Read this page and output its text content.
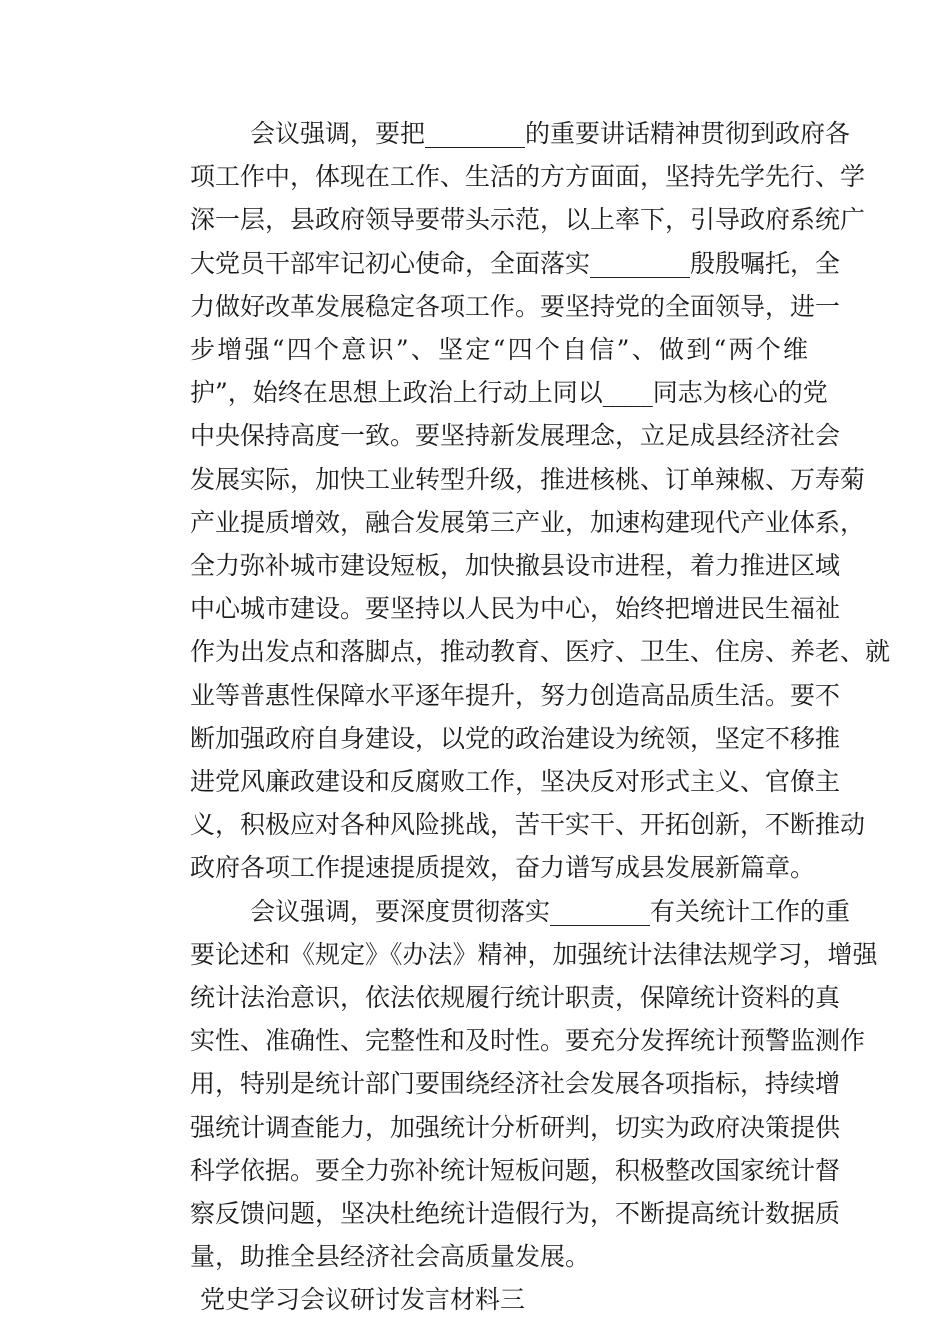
会议强调，要把________的重要讲话精神贯彻到政府各
项工作中，体现在工作、生活的方方面面，坚持先学先行、学
深一层，县政府领导要带头示范，以上率下，引导政府系统广
大党员干部牢记初心使命，全面落实________殷殷嘱托，全
力做好改革发展稳定各项工作。要坚持党的全面领导，进一
步增强“四个意识”、坚定“四个自信”、做到“两个维
护”，始终在思想上政治上行动上同以____同志为核心的党
中央保持高度一致。要坚持新发展理念，立足成县经济社会
发展实际，加快工业转型升级，推进核桃、订单辣椒、万寿菊
产业提质增效，融合发展第三产业，加速构建现代产业体系，
全力弥补城市建设短板，加快撤县设市进程，着力推进区域
中心城市建设。要坚持以人民为中心，始终把增进民生福祉
作为出发点和落脚点，推动教育、医疗、卫生、住房、养老、就
业等普惠性保障水平逐年提升，努力创造高品质生活。要不
断加强政府自身建设，以党的政治建设为统领，坚定不移推
进党风廉政建设和反腐败工作，坚决反对形式主义、官僚主
义，积极应对各种风险挑战，苦干实干、开拓创新，不断推动
政府各项工作提速提质提效，奋力谱写成县发展新篇章。
会议强调，要深度贯彻落实________有关统计工作的重
要论述和《规定》《办法》精神，加强统计法律法规学习，增强
统计法治意识，依法依规履行统计职责，保障统计资料的真
实性、准确性、完整性和及时性。要充分发挥统计预警监测作
用，特别是统计部门要围绕经济社会发展各项指标，持续增
强统计调查能力，加强统计分析研判，切实为政府决策提供
科学依据。要全力弥补统计短板问题，积极整改国家统计督
察反馈问题，坚决杜绝统计造假行为，不断提高统计数据质
量，助推全县经济社会高质量发展。
党史学习会议研讨发言材料三
